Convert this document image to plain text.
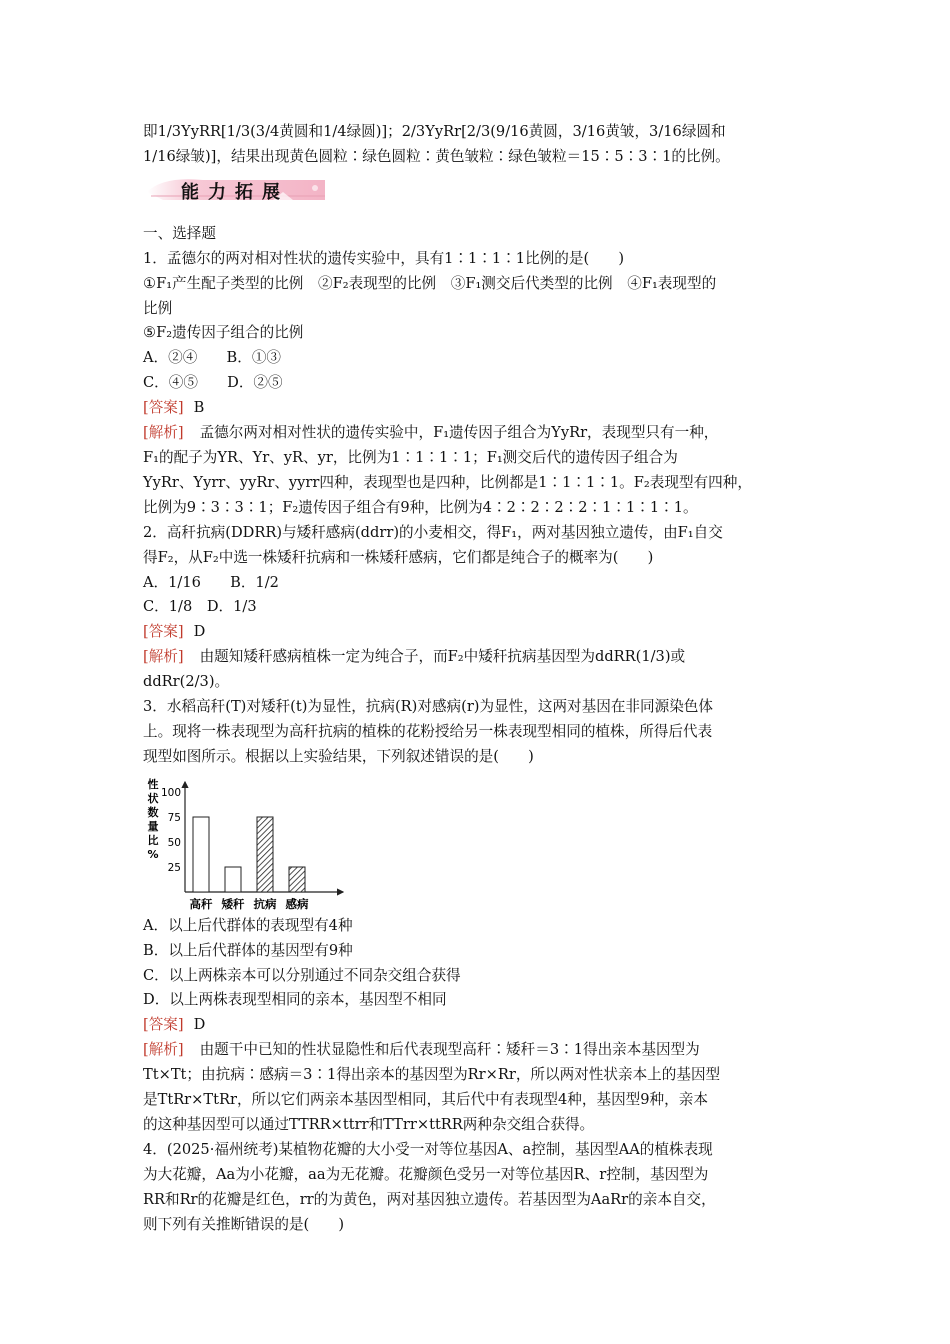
即1/3YyRR[1/3(3/4黄圆和1/4绿圆)]；2/3YyRr[2/3(9/16黄圆，3/16黄皱，3/16绿圆和
1/16绿皱)]，结果出现黄色圆粒∶绿色圆粒∶黄色皱粒∶绿色皱粒＝15∶5∶3∶1的比例。
能力拓展
一、选择题
1．孟德尔的两对相对性状的遗传实验中，具有1∶1∶1∶1比例的是(　　)
①F₁产生配子类型的比例　②F₂表现型的比例　③F₁测交后代类型的比例　④F₁表现型的
比例
⑤F₂遗传因子组合的比例
A．②④　　B．①③
C．④⑤　　D．②⑤
[答案] B
[解析] 孟德尔两对相对性状的遗传实验中，F₁遗传因子组合为YyRr，表现型只有一种，
F₁的配子为YR、Yr、yR、yr，比例为1∶1∶1∶1；F₁测交后代的遗传因子组合为
YyRr、Yyrr、yyRr、yyrr四种，表现型也是四种，比例都是1∶1∶1∶1。F₂表现型有四种，
比例为9∶3∶3∶1；F₂遗传因子组合有9种，比例为4∶2∶2∶2∶2∶1∶1∶1∶1。
2．高秆抗病(DDRR)与矮秆感病(ddrr)的小麦相交，得F₁，两对基因独立遗传，由F₁自交
得F₂，从F₂中选一株矮秆抗病和一株矮秆感病，它们都是纯合子的概率为(　　)
A．1/16　　B．1/2
C．1/8　D．1/3
[答案] D
[解析] 由题知矮秆感病植株一定为纯合子，而F₂中矮秆抗病基因型为ddRR(1/3)或
ddRr(2/3)。
3．水稻高秆(T)对矮秆(t)为显性，抗病(R)对感病(r)为显性，这两对基因在非同源染色体
上。现将一株表现型为高秆抗病的植株的花粉授给另一株表现型相同的植株，所得后代表
现型如图所示。根据以上实验结果，下列叙述错误的是(　　)
性
状
数
量
比
%
25
50
75
100
高秆 矮秆 抗病 感病
A．以上后代群体的表现型有4种
B．以上后代群体的基因型有9种
C．以上两株亲本可以分别通过不同杂交组合获得
D．以上两株表现型相同的亲本，基因型不相同
[答案] D
[解析] 由题干中已知的性状显隐性和后代表现型高秆∶矮秆＝3∶1得出亲本基因型为
Tt×Tt；由抗病∶感病＝3∶1得出亲本的基因型为Rr×Rr，所以两对性状亲本上的基因型
是TtRr×TtRr，所以它们两亲本基因型相同，其后代中有表现型4种，基因型9种，亲本
的这种基因型可以通过TTRR×ttrr和TTrr×ttRR两种杂交组合获得。
4．(2025·福州统考)某植物花瓣的大小受一对等位基因A、a控制，基因型AA的植株表现
为大花瓣，Aa为小花瓣，aa为无花瓣。花瓣颜色受另一对等位基因R、r控制，基因型为
RR和Rr的花瓣是红色，rr的为黄色，两对基因独立遗传。若基因型为AaRr的亲本自交，
则下列有关推断错误的是(　　)
